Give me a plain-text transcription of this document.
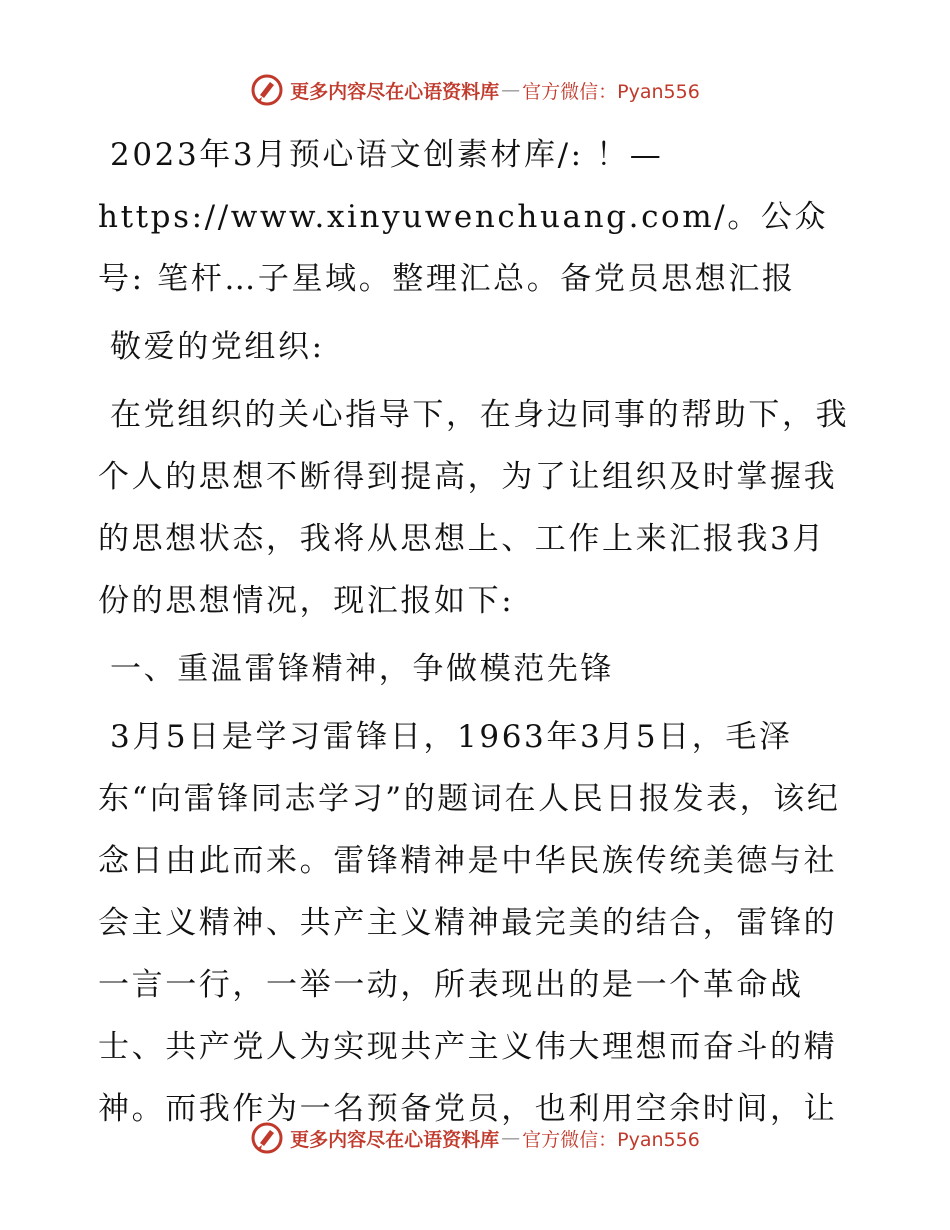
更多内容尽在心语资料库 — 官方微信：Pyan556

2023年3月预心语文创素材库/: ！—https://www.xinyuwenchuang.com/。公众号: 笔杆…子星域。整理汇总。备党员思想汇报

敬爱的党组织:

在党组织的关心指导下，在身边同事的帮助下，我个人的思想不断得到提高，为了让组织及时掌握我的思想状态，我将从思想上、工作上来汇报我3月份的思想情况，现汇报如下:

一、重温雷锋精神，争做模范先锋

3月5日是学习雷锋日，1963年3月5日，毛泽东“向雷锋同志学习”的题词在人民日报发表，该纪念日由此而来。雷锋精神是中华民族传统美德与社会主义精神、共产主义精神最完美的结合，雷锋的一言一行，一举一动，所表现出的是一个革命战士、共产党人为实现共产主义伟大理想而奋斗的精神。而我作为一名预备党员，也利用空余时间，让

更多内容尽在心语资料库 — 官方微信：Pyan556
